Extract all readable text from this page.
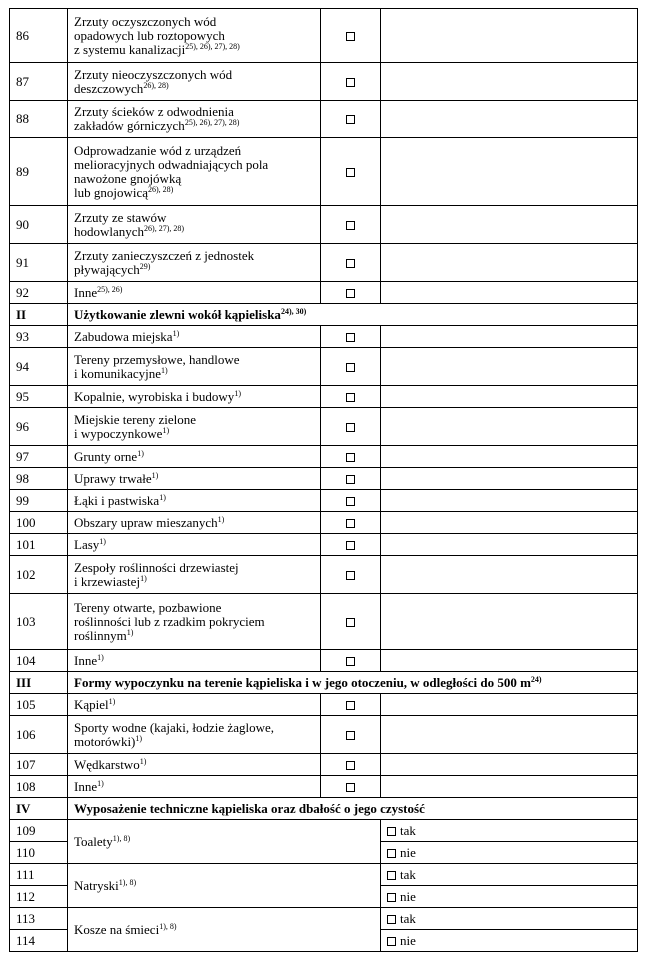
86	Zrzuty oczyszczonych wód
opadowych lub roztopowych
z systemu kanalizacji$^{25), 26), 27), 28)}$		
87	Zrzuty nieoczyszczonych wód
deszczowych$^{26), 28)}$		
88	Zrzuty ścieków z odwodnienia
zakładów górniczych$^{25), 26), 27), 28)}$		
89	Odprowadzanie wód z urządzeń
melioracyjnych odwadniających pola
nawożone gnojówką
lub gnojowicą$^{26), 28)}$		
90	Zrzuty ze stawów
hodowlanych$^{26), 27), 28)}$		
91	Zrzuty zanieczyszczeń z jednostek
pływających$^{29)}$		
92	Inne$^{25), 26)}$		
II	Użytkowanie zlewni wokół kąpieliska$^{24), 30)}$
93	Zabudowa miejska$^{1)}$		
94	Tereny przemysłowe, handlowe
i komunikacyjne$^{1)}$		
95	Kopalnie, wyrobiska i budowy$^{1)}$		
96	Miejskie tereny zielone
i wypoczynkowe$^{1)}$		
97	Grunty orne$^{1)}$		
98	Uprawy trwałe$^{1)}$		
99	Łąki i pastwiska$^{1)}$		
100	Obszary upraw mieszanych$^{1)}$		
101	Lasy$^{1)}$		
102	Zespoły roślinności drzewiastej
i krzewiastej$^{1)}$		
103	Tereny otwarte, pozbawione
roślinności lub z rzadkim pokryciem
roślinnym$^{1)}$		
104	Inne$^{1)}$		
III	Formy wypoczynku na terenie kąpieliska i w jego otoczeniu, w odległości do 500 $m^{24)}$
105	Kąpiel$^{1)}$		
106	Sporty wodne (kajaki, łodzie żaglowe,
motorówki)$^{1)}$		
107	Wędkarstwo$^{1)}$		
108	Inne$^{1)}$		
IV	Wyposażenie techniczne kąpieliska oraz dbałość o jego czystość		
109	Toalety$^{1), 8)}$		tak
110			nie
111	Natryski$^{1), 8)}$		tak
112			nie
113	Kosze na śmieci$^{1), 8)}$		tak
114			nie
